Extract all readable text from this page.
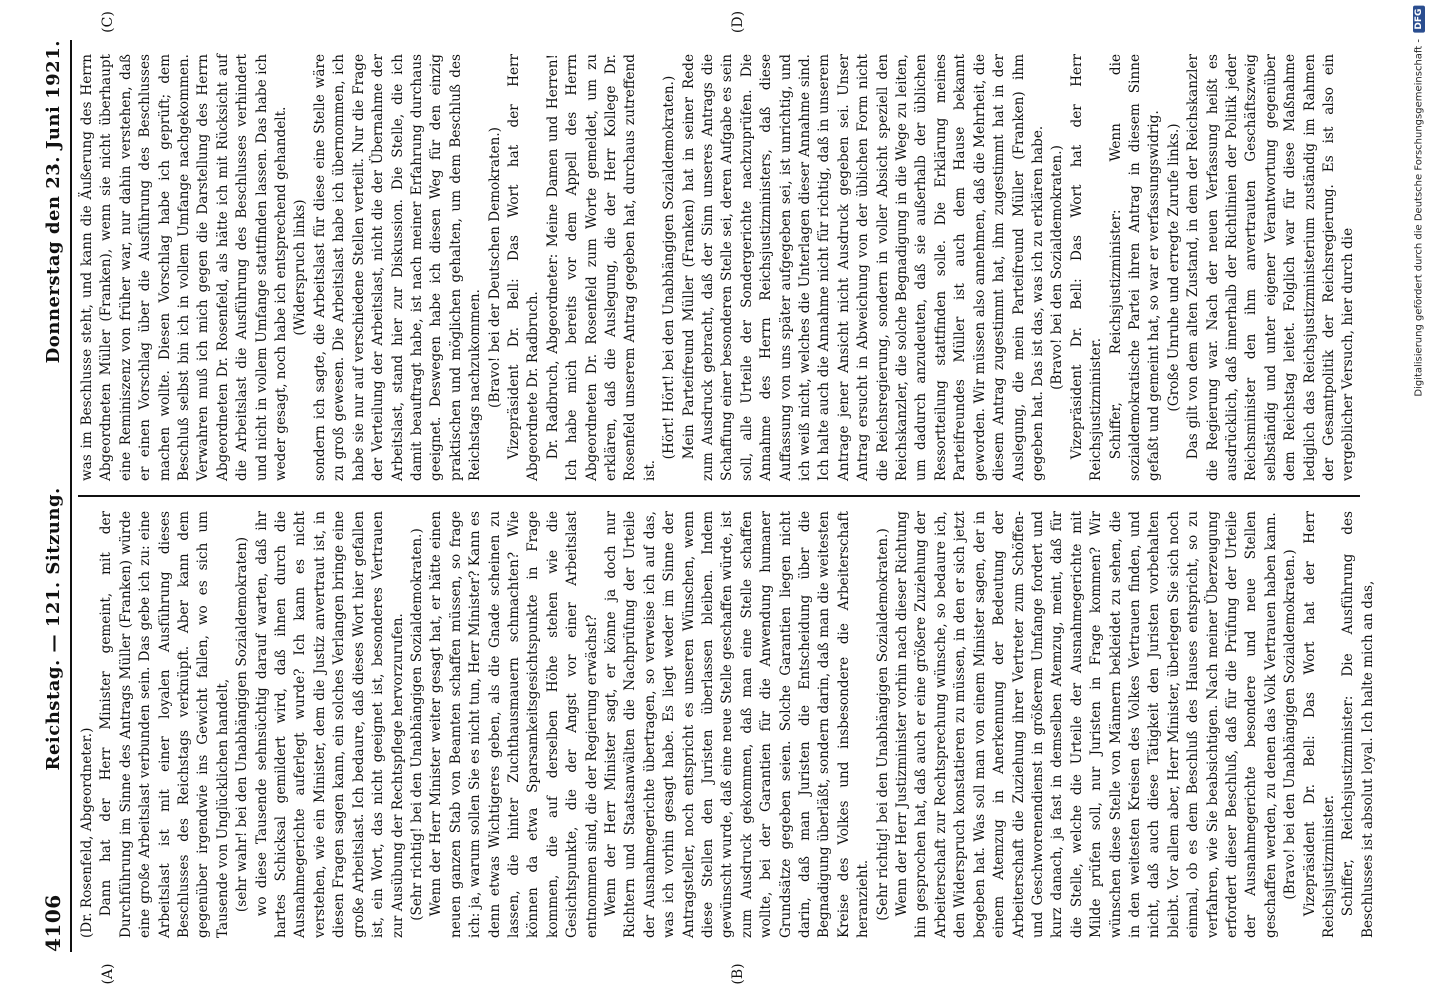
4106
Reichstag. — 121. Sitzung.
Donnerstag den 23. Juni 1921.

(Dr. Rosenfeld, Abgeordneter.) Dann hat der Herr Minister gemeint, mit der Durchführung im Sinne des Antrags Müller (Franken) würde eine große Arbeitslast verbunden sein. Das gebe ich zu: eine Arbeitslast ist mit einer loyalen Ausführung dieses Beschlusses des Reichstags verknüpft. Aber kann dem gegenüber irgendwie ins Gewicht fallen, wo es sich um Tausende von Unglücklichen handelt, (sehr wahr! bei den Unabhängigen Sozialdemokraten) wo diese Tausende sehnsüchtig darauf warten, daß ihr hartes Schicksal gemildert wird, daß ihnen durch die Ausnahmegerichte auferlegt wurde? Ich kann es nicht verstehen, wie ein Minister, dem die Justiz anvertraut ist, in diesen Fragen sagen kann, ein solches Verlangen bringe eine große Arbeitslast. Ich bedaure, daß dieses Wort hier gefallen ist, ein Wort, das nicht geeignet ist, besonderes Vertrauen zur Ausübung der Rechtspflege hervorzurufen. (Sehr richtig! bei den Unabhängigen Sozialdemokraten.) Wenn der Herr Minister weiter gesagt hat, er hätte einen neuen ganzen Stab von Beamten schaffen müssen, so frage ich: ja, warum sollen Sie es nicht tun, Herr Minister? Kann es denn etwas Wichtigeres geben, als die Gnade scheinen zu lassen, die hinter Zuchthausmauern schmachten? Wie können da etwa Sparsamkeitsgesichtspunkte in Frage kommen, die auf derselben Höhe stehen wie die Gesichtspunkte, die der Angst vor einer Arbeitslast entnommen sind, die der Regierung erwächst? Wenn der Herr Minister sagt, er könne ja doch nur Richtern und Staatsanwälten die Nachprüfung der Urteile der Ausnahmegerichte übertragen, so verweise ich auf das, was ich vorhin gesagt habe. Es liegt weder im Sinne der Antragsteller, noch entspricht es unseren Wünschen, wenn diese Stellen den Juristen überlassen bleiben. Indem gewünscht wurde, daß eine neue Stelle geschaffen würde, ist zum Ausdruck gekommen, daß man eine Stelle schaffen wollte, bei der Garantien für die Anwendung humaner Grundsätze gegeben seien. Solche Garantien liegen nicht darin, daß man Juristen die Entscheidung über die Begnadigung überläßt, sondern darin, daß man die weitesten Kreise des Volkes und insbesondere die Arbeiterschaft heranzieht. (Sehr richtig! bei den Unabhängigen Sozialdemokraten.) Wenn der Herr Justizminister vorhin nach dieser Richtung hin gesprochen hat, daß auch er eine größere Zuziehung der Arbeiterschaft zur Rechtsprechung wünsche, so bedaure ich, den Widerspruch konstatieren zu müssen, in den er sich jetzt begeben hat. Was soll man von einem Minister sagen, der in einem Atemzug in Anerkennung der Bedeutung der Arbeiterschaft die Zuziehung ihrer Vertreter zum Schöffen- und Geschworenendienst in größerem Umfange fordert und kurz danach, ja fast in demselben Atemzug, meint, daß für die Stelle, welche die Urteile der Ausnahmegerichte mit Milde prüfen soll, nur Juristen in Frage kommen? Wir wünschen diese Stelle von Männern bekleidet zu sehen, die in den weitesten Kreisen des Volkes Vertrauen finden, und nicht, daß auch diese Tätigkeit den Juristen vorbehalten bleibt. Vor allem aber, Herr Minister, überlegen Sie sich noch einmal, ob es dem Beschluß des Hauses entspricht, so zu verfahren, wie Sie beabsichtigen. Nach meiner Überzeugung erfordert dieser Beschluß, daß für die Prüfung der Urteile der Ausnahmegerichte besondere und neue Stellen geschaffen werden, zu denen das Volk Vertrauen haben kann. (Bravo! bei den Unabhängigen Sozialdemokraten.) Vizepräsident Dr. Bell: Das Wort hat der Herr Reichsjustizminister. Schiffer, Reichsjustizminister: Die Ausführung des Beschlusses ist absolut loyal. Ich halte mich an das,

was im Beschlusse steht, und kann die Äußerung des Herrn Abgeordneten Müller (Franken), wenn sie nicht überhaupt eine Reminiszenz von früher war, nur dahin verstehen, daß er einen Vorschlag über die Ausführung des Beschlusses machen wollte. Diesen Vorschlag habe ich geprüft; dem Beschluß selbst bin ich in vollem Umfange nachgekommen. Verwahren muß ich mich gegen die Darstellung des Herrn Abgeordneten Dr. Rosenfeld, als hätte ich mit Rücksicht auf die Arbeitslast die Ausführung des Beschlusses verhindert und nicht in vollem Umfange stattfinden lassen. Das habe ich weder gesagt, noch habe ich entsprechend gehandelt. (Widerspruch links) sondern ich sagte, die Arbeitslast für diese eine Stelle wäre zu groß gewesen. Die Arbeitslast habe ich übernommen, ich habe sie nur auf verschiedene Stellen verteilt. Nur die Frage der Verteilung der Arbeitslast, nicht die der Übernahme der Arbeitslast, stand hier zur Diskussion. Die Stelle, die ich damit beauftragt habe, ist nach meiner Erfahrung durchaus geeignet. Deswegen habe ich diesen Weg für den einzig praktischen und möglichen gehalten, um dem Beschluß des Reichstags nachzukommen. (Bravo! bei der Deutschen Demokraten.) Vizepräsident Dr. Bell: Das Wort hat der Herr Abgeordnete Dr. Radbruch. Dr. Radbruch, Abgeordneter: Meine Damen und Herren! Ich habe mich bereits vor dem Appell des Herrn Abgeordneten Dr. Rosenfeld zum Worte gemeldet, um zu erklären, daß die Auslegung, die der Herr Kollege Dr. Rosenfeld unserem Antrag gegeben hat, durchaus zutreffend ist.

(Hört! Hört! bei den Unabhängigen Sozialdemokraten.) Mein Parteifreund Müller (Franken) hat in seiner Rede zum Ausdruck gebracht, daß der Sinn unseres Antrags die Schaffung einer besonderen Stelle sei, deren Aufgabe es sein soll, alle Urteile der Sondergerichte nachzuprüfen. Die Annahme des Herrn Reichsjustizministers, daß diese Auffassung von uns später aufgegeben sei, ist unrichtig, und ich weiß nicht, welches die Unterlagen dieser Annahme sind. Ich halte auch die Annahme nicht für richtig, daß in unserem Antrage jener Ansicht nicht Ausdruck gegeben sei. Unser Antrag ersucht in Abweichung von der üblichen Form nicht die Reichsregierung, sondern in voller Absicht speziell den Reichskanzler, die solche Begnadigung in die Wege zu leiten, um dadurch anzudeuten, daß sie außerhalb der üblichen Ressortteilung stattfinden solle. Die Erklärung meines Parteifreundes Müller ist auch dem Hause bekannt geworden. Wir müssen also annehmen, daß die Mehrheit, die diesem Antrag zugestimmt hat, ihm zugestimmt hat in der Auslegung, die mein Parteifreund Müller (Franken) ihm gegeben hat. Das ist das, was ich zu erklären habe. (Bravo! bei den Sozialdemokraten.) Vizepräsident Dr. Bell: Das Wort hat der Herr Reichsjustizminister. Schiffer, Reichsjustizminister: Wenn die sozialdemokratische Partei ihren Antrag in diesem Sinne gefaßt und gemeint hat, so war er verfassungswidrig. (Große Unruhe und erregte Zurufe links.) Das gilt von dem alten Zustand, in dem der Reichskanzler die Regierung war. Nach der neuen Verfassung heißt es ausdrücklich, daß innerhalb der Richtlinien der Politik jeder Reichsminister den ihm anvertrauten Geschäftszweig selbständig und unter eigener Verantwortung gegenüber dem Reichstag leitet. Folglich war für diese Maßnahme lediglich das Reichsjustizministerium zuständig im Rahmen der Gesamtpolitik der Reichsregierung. Es ist also ein vergeblicher Versuch, hier durch die

(A)	(B)
(C)	(D)
Digitalisierung gefördert durch die Deutsche Forschungsgemeinschaft -
DFG
